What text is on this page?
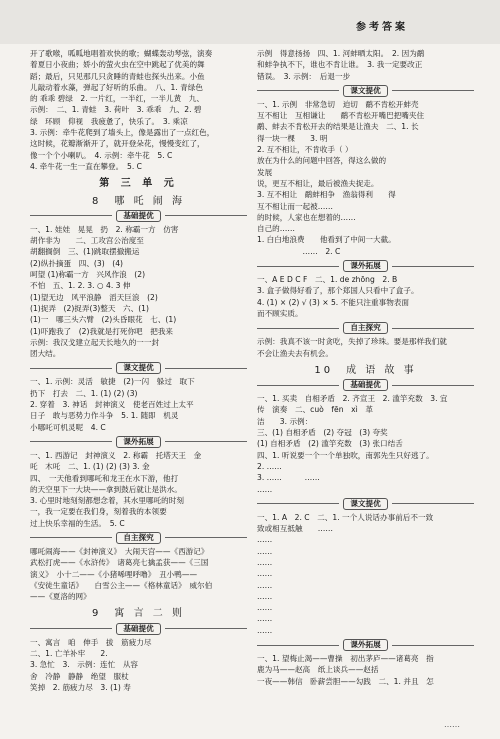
参考答案

开了歌喉，呱呱地唱着欢快的歌；蝴蝶轰动琴弦，演奏

着夏日小夜曲；娇小的萤火虫在空中跳起了优美的舞

蹈；最后，只见那几只贪睡的青蛙也探头出来。小鱼

儿敲动着水藻，弹起了好听的乐曲。　八、1. 青绿色

的 乖乖 碧绿　2. 一片红，一半红，一半儿黄　九、

示例：　二、1. 青蛙　3. 荷叶　3. 乖乖　九、2. 碧

绿　环顾　仰视　我疲惫了，快乐了。　3. 乘凉

3. 示例：牵牛花爬到了墙头上，像是露出了一点红色，

这时候，花瓣渐渐开了，就开登朵花，慢慢变红了，

像一个个小喇叭。　4. 示例：牵牛花　5. C

4. 牵牛花一生一直在攀登。　5. C

第 三 单 元
8　哪 吒 闹 海
基础提优

一、1. 娃娃　晃晃　扔　2. 称霸一方　仿害　

胡作非为　　二、工攻宫公治度至

胡翻搁倒　三、(1)跳取摆撤搬运

(2)纵扑摘蛋　四、(3)　(4)

呵望 (1)称霸一方　兴风作浪　(2)

不怕　五、1. 2. 3. ○ 4. 3 伸

(1)望无边　风平浪静　滔天巨浪　(2)

(1)捉弄　(2)捉弄(3)整天　六、(1)

(1)一　哪三头六臂　(2)头昏眼花　七、(1)

(1)吓跑我了　(2)我就是打死你吧　把我来

示例：我汉戈建立起天长地久的一一封

团大结。

课文提优

一、1. 示例：灵活　敏捷　(2)一闪　躲过　取下

扔下　打去　二、1. (1) (2) (3)

2. 穿着　3. 神话　封神演义　使老百姓过上太平

日子　敢与恶势力作斗争　5. 1. 随即　机灵

小哪吒可机灵呢　4. C

课外拓展

一、1. 西游记　封神演义　2. 称霸　托塔天王　金

吒　木吒　二、1. (1) (2) (3) 3. 金

四、　一天他看到哪吒和龙王在水下游，他打

的天空里下一大块——拿到鼓后就让是洪水。

3. 心里时地刻刻都想念着，其水里哪吒的时刻

一，我一定要在我们身，刻着我的本领要

过上快乐幸福的生活。　5. C

自主探究

哪吒闹海——《封神演义》　大闹天宫——《西游记》

武松打虎——《水浒传》　诸葛亮七擒孟获——《三国

演义》　小十二——《小猪唏哩呼噜》　丑小鸭——

《安徒生童话》　　白雪公主——《格林童话》　威尔伯

——《夏洛的网》

9　寓 言 二 则
基础提优

一、寓言　咱　伸手　拔　筋疲力尽　　

二、1. 亡羊补牢　　2.　

3. 急忙　3.　示例：连忙　从容

舍　冷静　静静　绝望　服杖　

笑掉　2. 筋疲力尽　3. (1) 寿

示例　得意扬扬　四、1. 河蚌晒太阳。　2. 因为鹬

和蚌争执不下，谁也不肯让谁。　3. 我一定要改正

错误。　3. 示例：　后退一步

课文提优

一、1. 示例　非常急切　迫切　鹬不肯松开蚌壳

互不相让　互相谦让　　鹬不肯松开嘴巴把嘴夹住

鹬、蚌去不肯松开去的结果是让渔夫　二、1. 长

得一块一棵　　3. 明

2. 互不相让，不肯收手（ ）

放在为什么的问题中回答，得这么做的

发展　　　　　　　　　　　

说，更互不相让，最后被渔夫捉走。

3. 互不相让　鹬蚌相争　渔翁得利　　得

互不相让而一起被……

的时候，人家也在想着的……

自己的……

1. 白白地浪费　　他看到了中间一大截。

　　　　　　……　2. C

课外拓展

一、A E D C F　二、1. de zhōng　2. B

3. 盒子做得好看了，那个郑国人只看中了盒子。

4. (1) × (2) √ (3) × 5. 不能只注重事物表面

而不顾实质。

自主探究

示例：我真不该一时贪吃，失掉了珍珠。要是那样我们就

不会让渔夫去有机会。

10　成 语 故 事
基础提优

一、1. 买卖　自相矛盾　2. 齐宣王　2. 滥竽充数　3. 宜

传　演奏　二、cuò　fēn　xì　革　

洁　　3. 示例：　

三、(1) 自相矛盾　(2) 夺冠　(3) 夸奖

(1) 自相矛盾　(2) 滥竽充数　(3) 张口结舌

四、1. 听说要一个一个单独吹，南郭先生只好逃了。

2. ……　　　　　　　

3. ……　　　……

……　　　

课文提优

一、1. A　2. C　二、1. 一个人说话办事前后不一致

致或相互抵触　　……

……

……

……

……

……

……

……

……

……

课外拓展

一、1. 望梅止渴——曹操　初出茅庐——诸葛亮　指

鹿为马——赵高　纸上谈兵——赵括

一夜——韩信　卧薪尝胆——勾践　二、1. 并且　怎

……
